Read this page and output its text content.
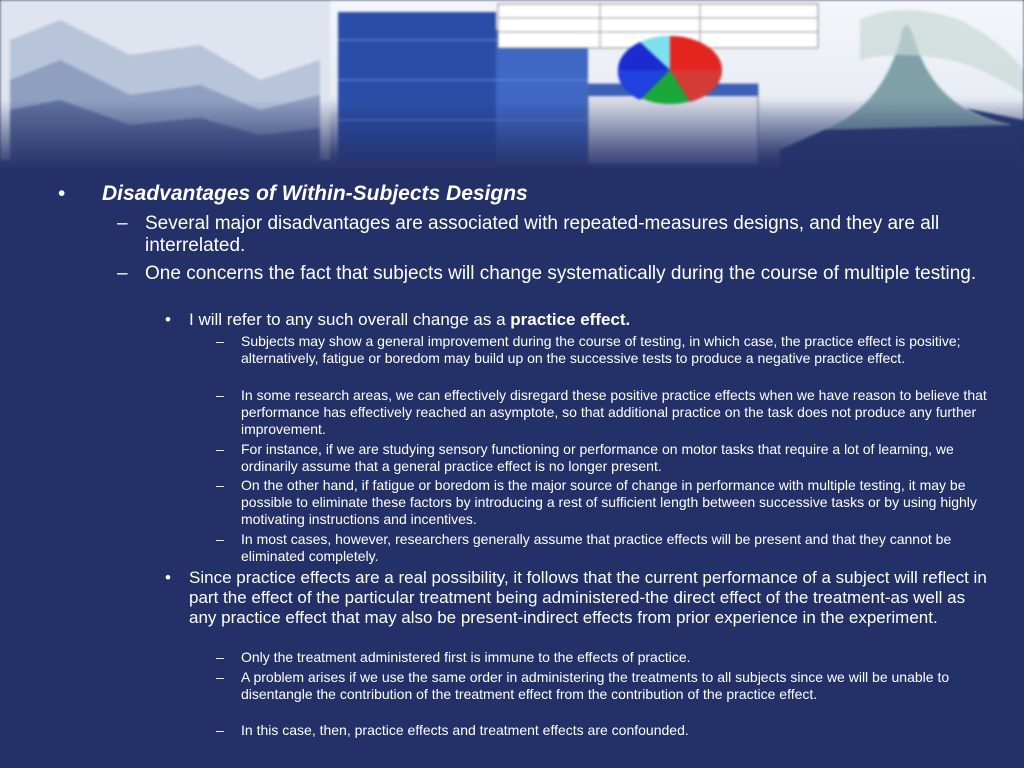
•	Disadvantages of Within-Subjects Designs
– Several major disadvantages are associated with repeated-measures designs, and they are all interrelated.
– One concerns the fact that subjects will change systematically during the course of multiple testing.
•	I will refer to any such overall change as a practice effect.
–	Subjects may show a general improvement during the course of testing, in which case, the practice effect is positive; alternatively, fatigue or boredom may build up on the successive tests to produce a negative practice effect.
–	In some research areas, we can effectively disregard these positive practice effects when we have reason to believe that performance has effectively reached an asymptote, so that additional practice on the task does not produce any further improvement.
–	For instance, if we are studying sensory functioning or performance on motor tasks that require a lot of learning, we ordinarily assume that a general practice effect is no longer present.
–	On the other hand, if fatigue or boredom is the major source of change in performance with multiple testing, it may be possible to eliminate these factors by introducing a rest of sufficient length between successive tasks or by using highly motivating instructions and incentives.
–	In most cases, however, researchers generally assume that practice effects will be present and that they cannot be eliminated completely.
•	Since practice effects are a real possibility, it follows that the current performance of a subject will reflect in part the effect of the particular treatment being administered-the direct effect of the treatment-as well as any practice effect that may also be present-indirect effects from prior experience in the experiment.
–	Only the treatment administered first is immune to the effects of practice.
–	A problem arises if we use the same order in administering the treatments to all subjects since we will be unable to disentangle the contribution of the treatment effect from the contribution of the practice effect.
–	In this case, then, practice effects and treatment effects are confounded.
